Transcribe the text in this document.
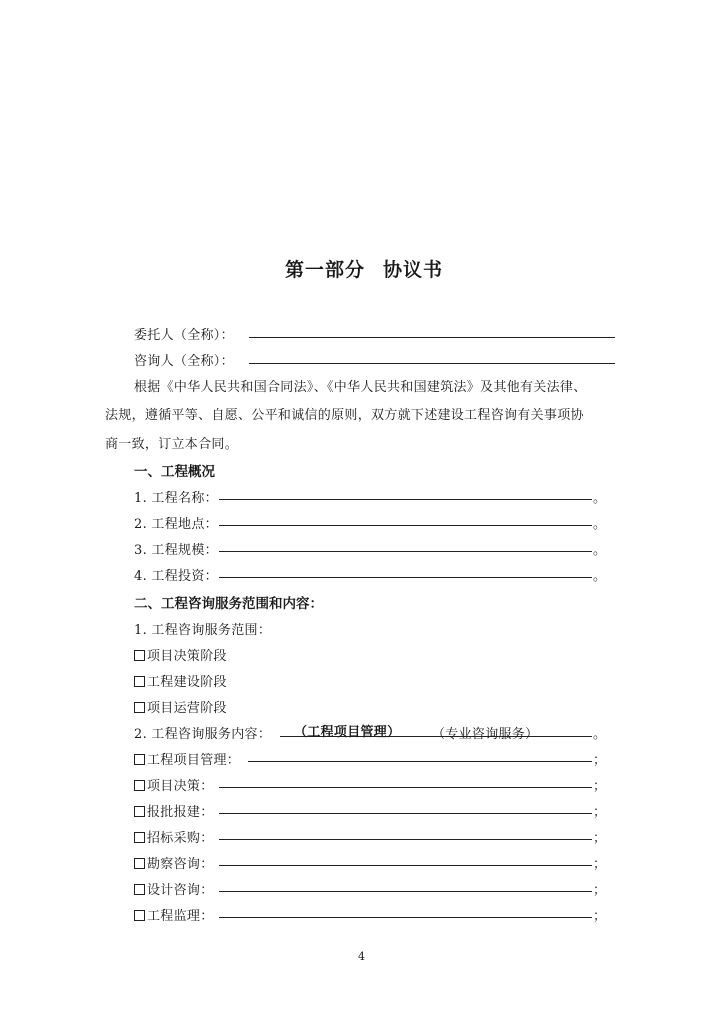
第一部分 协议书
委托人（全称）：
咨询人（全称）：
根据《中华人民共和国合同法》、《中华人民共和国建筑法》及其他有关法律、
法规，遵循平等、自愿、公平和诚信的原则，双方就下述建设工程咨询有关事项协
商一致，订立本合同。
一、工程概况
1. 工程名称：	。
2. 工程地点：	。
3. 工程规模：	。
4. 工程投资：	。
二、工程咨询服务范围和内容：
1. 工程咨询服务范围：
项目决策阶段
工程建设阶段
项目运营阶段
2. 工程咨询服务内容： （工程项目管理） （专业咨询服务）	。
工程项目管理：	；
项目决策：	；
报批报建：	；
招标采购：	；
勘察咨询：	；
设计咨询：	；
工程监理：	；
4
